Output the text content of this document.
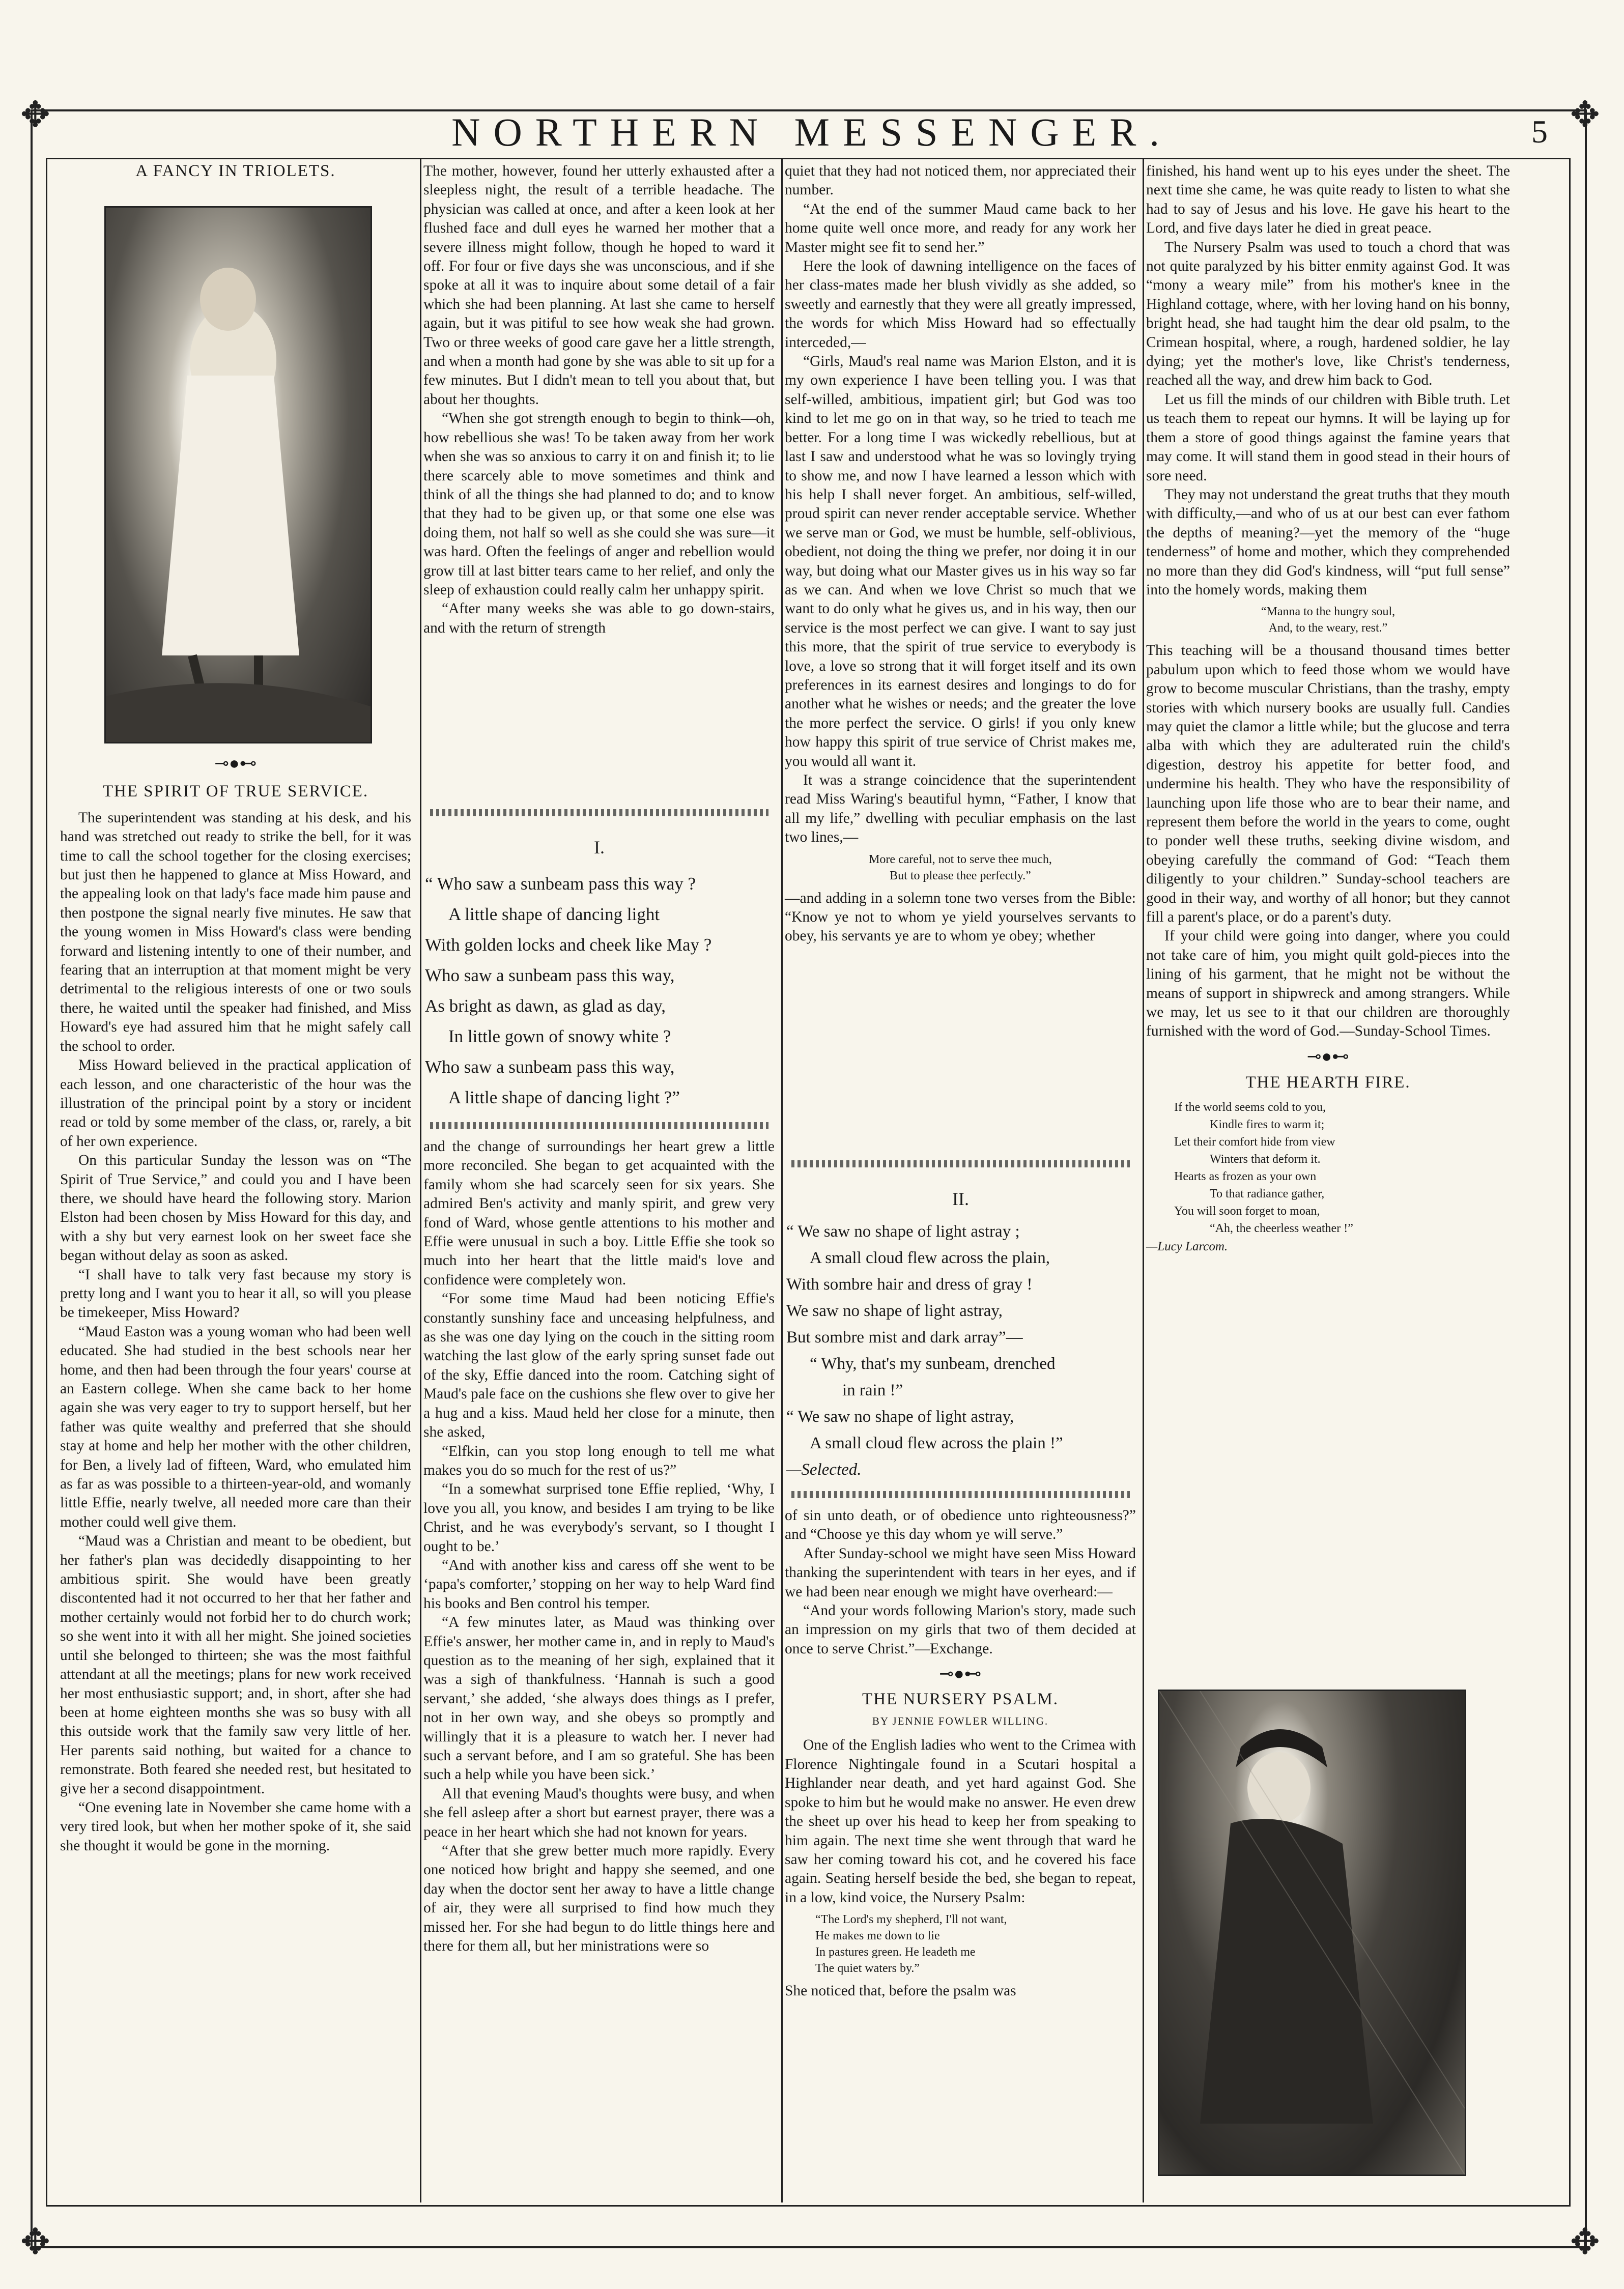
✥	✥
✥	✥
NORTHERN MESSENGER.	5
A FANCY IN TRIOLETS.
⊸●⊷
THE SPIRIT OF TRUE SERVICE.

The superintendent was standing at his desk, and his hand was stretched out ready to strike the bell, for it was time to call the school together for the closing exercises; but just then he happened to glance at Miss Howard, and the appealing look on that lady's face made him pause and then postpone the signal nearly five minutes. He saw that the young women in Miss Howard's class were bending forward and listening intently to one of their number, and fearing that an interruption at that moment might be very detrimental to the religious interests of one or two souls there, he waited until the speaker had finished, and Miss Howard's eye had assured him that he might safely call the school to order.

Miss Howard believed in the practical application of each lesson, and one characteristic of the hour was the illustration of the principal point by a story or incident read or told by some member of the class, or, rarely, a bit of her own experience.

On this particular Sunday the lesson was on “The Spirit of True Service,” and could you and I have been there, we should have heard the following story. Marion Elston had been chosen by Miss Howard for this day, and with a shy but very earnest look on her sweet face she began without delay as soon as asked.

“I shall have to talk very fast because my story is pretty long and I want you to hear it all, so will you please be timekeeper, Miss Howard?

“Maud Easton was a young woman who had been well educated. She had studied in the best schools near her home, and then had been through the four years' course at an Eastern college. When she came back to her home again she was very eager to try to support herself, but her father was quite wealthy and preferred that she should stay at home and help her mother with the other children, for Ben, a lively lad of fifteen, Ward, who emulated him as far as was possible to a thirteen-year-old, and womanly little Effie, nearly twelve, all needed more care than their mother could well give them.

“Maud was a Christian and meant to be obedient, but her father's plan was decidedly disappointing to her ambitious spirit. She would have been greatly discontented had it not occurred to her that her father and mother certainly would not forbid her to do church work; so she went into it with all her might. She joined societies until she belonged to thirteen; she was the most faithful attendant at all the meetings; plans for new work received her most enthusiastic support; and, in short, after she had been at home eighteen months she was so busy with all this outside work that the family saw very little of her. Her parents said nothing, but waited for a chance to remonstrate. Both feared she needed rest, but hesitated to give her a second disappointment.

“One evening late in November she came home with a very tired look, but when her mother spoke of it, she said she thought it would be gone in the morning.

The mother, however, found her utterly exhausted after a sleepless night, the result of a terrible headache. The physician was called at once, and after a keen look at her flushed face and dull eyes he warned her mother that a severe illness might follow, though he hoped to ward it off. For four or five days she was unconscious, and if she spoke at all it was to inquire about some detail of a fair which she had been planning. At last she came to herself again, but it was pitiful to see how weak she had grown. Two or three weeks of good care gave her a little strength, and when a month had gone by she was able to sit up for a few minutes. But I didn't mean to tell you about that, but about her thoughts.

“When she got strength enough to begin to think—oh, how rebellious she was! To be taken away from her work when she was so anxious to carry it on and finish it; to lie there scarcely able to move sometimes and think and think of all the things she had planned to do; and to know that they had to be given up, or that some one else was doing them, not half so well as she could she was sure—it was hard. Often the feelings of anger and rebellion would grow till at last bitter tears came to her relief, and only the sleep of exhaustion could really calm her unhappy spirit.

“After many weeks she was able to go down-stairs, and with the return of strength

I.
“ Who saw a sunbeam pass this way ?
A little shape of dancing light
With golden locks and cheek like May ?
Who saw a sunbeam pass this way,
As bright as dawn, as glad as day,
In little gown of snowy white ?
Who saw a sunbeam pass this way,
A little shape of dancing light ?”

and the change of surroundings her heart grew a little more reconciled. She began to get acquainted with the family whom she had scarcely seen for six years. She admired Ben's activity and manly spirit, and grew very fond of Ward, whose gentle attentions to his mother and Effie were unusual in such a boy. Little Effie she took so much into her heart that the little maid's love and confidence were completely won.

“For some time Maud had been noticing Effie's constantly sunshiny face and unceasing helpfulness, and as she was one day lying on the couch in the sitting room watching the last glow of the early spring sunset fade out of the sky, Effie danced into the room. Catching sight of Maud's pale face on the cushions she flew over to give her a hug and a kiss. Maud held her close for a minute, then she asked,

“Elfkin, can you stop long enough to tell me what makes you do so much for the rest of us?”

“In a somewhat surprised tone Effie replied, ‘Why, I love you all, you know, and besides I am trying to be like Christ, and he was everybody's servant, so I thought I ought to be.’

“And with another kiss and caress off she went to be ‘papa's comforter,’ stopping on her way to help Ward find his books and Ben control his temper.

“A few minutes later, as Maud was thinking over Effie's answer, her mother came in, and in reply to Maud's question as to the meaning of her sigh, explained that it was a sigh of thankfulness. ‘Hannah is such a good servant,’ she added, ‘she always does things as I prefer, not in her own way, and she obeys so promptly and willingly that it is a pleasure to watch her. I never had such a servant before, and I am so grateful. She has been such a help while you have been sick.’

All that evening Maud's thoughts were busy, and when she fell asleep after a short but earnest prayer, there was a peace in her heart which she had not known for years.

“After that she grew better much more rapidly. Every one noticed how bright and happy she seemed, and one day when the doctor sent her away to have a little change of air, they were all surprised to find how much they missed her. For she had begun to do little things here and there for them all, but her ministrations were so

quiet that they had not noticed them, nor appreciated their number.

“At the end of the summer Maud came back to her home quite well once more, and ready for any work her Master might see fit to send her.”

Here the look of dawning intelligence on the faces of her class-mates made her blush vividly as she added, so sweetly and earnestly that they were all greatly impressed, the words for which Miss Howard had so effectually interceded,—

“Girls, Maud's real name was Marion Elston, and it is my own experience I have been telling you. I was that self-willed, ambitious, impatient girl; but God was too kind to let me go on in that way, so he tried to teach me better. For a long time I was wickedly rebellious, but at last I saw and understood what he was so lovingly trying to show me, and now I have learned a lesson which with his help I shall never forget. An ambitious, self-willed, proud spirit can never render acceptable service. Whether we serve man or God, we must be humble, self-oblivious, obedient, not doing the thing we prefer, nor doing it in our way, but doing what our Master gives us in his way so far as we can. And when we love Christ so much that we want to do only what he gives us, and in his way, then our service is the most perfect we can give. I want to say just this more, that the spirit of true service to everybody is love, a love so strong that it will forget itself and its own preferences in its earnest desires and longings to do for another what he wishes or needs; and the greater the love the more perfect the service. O girls! if you only knew how happy this spirit of true service of Christ makes me, you would all want it.

It was a strange coincidence that the superintendent read Miss Waring's beautiful hymn, “Father, I know that all my life,” dwelling with peculiar emphasis on the last two lines,—

More careful, not to serve thee much,
But to please thee perfectly.”

—and adding in a solemn tone two verses from the Bible: “Know ye not to whom ye yield yourselves servants to obey, his servants ye are to whom ye obey; whether

II.
“ We saw no shape of light astray ;
A small cloud flew across the plain,
With sombre hair and dress of gray !
We saw no shape of light astray,
But sombre mist and dark array”—
“ Why, that's my sunbeam, drenched
in rain !”
“ We saw no shape of light astray,
A small cloud flew across the plain !”
—Selected.

of sin unto death, or of obedience unto righteousness?” and “Choose ye this day whom ye will serve.”

After Sunday-school we might have seen Miss Howard thanking the superintendent with tears in her eyes, and if we had been near enough we might have overheard:—

“And your words following Marion's story, made such an impression on my girls that two of them decided at once to serve Christ.”—Exchange.

⊸●⊷
THE NURSERY PSALM.
BY JENNIE FOWLER WILLING.

One of the English ladies who went to the Crimea with Florence Nightingale found in a Scutari hospital a Highlander near death, and yet hard against God. She spoke to him but he would make no answer. He even drew the sheet up over his head to keep her from speaking to him again. The next time she went through that ward he saw her coming toward his cot, and he covered his face again. Seating herself beside the bed, she began to repeat, in a low, kind voice, the Nursery Psalm:

“The Lord's my shepherd, I'll not want,
He makes me down to lie
In pastures green. He leadeth me
The quiet waters by.”

She noticed that, before the psalm was

finished, his hand went up to his eyes under the sheet. The next time she came, he was quite ready to listen to what she had to say of Jesus and his love. He gave his heart to the Lord, and five days later he died in great peace.

The Nursery Psalm was used to touch a chord that was not quite paralyzed by his bitter enmity against God. It was “mony a weary mile” from his mother's knee in the Highland cottage, where, with her loving hand on his bonny, bright head, she had taught him the dear old psalm, to the Crimean hospital, where, a rough, hardened soldier, he lay dying; yet the mother's love, like Christ's tenderness, reached all the way, and drew him back to God.

Let us fill the minds of our children with Bible truth. Let us teach them to repeat our hymns. It will be laying up for them a store of good things against the famine years that may come. It will stand them in good stead in their hours of sore need.

They may not understand the great truths that they mouth with difficulty,—and who of us at our best can ever fathom the depths of meaning?—yet the memory of the “huge tenderness” of home and mother, which they comprehended no more than they did God's kindness, will “put full sense” into the homely words, making them

“Manna to the hungry soul,
And, to the weary, rest.”

This teaching will be a thousand thousand times better pabulum upon which to feed those whom we would have grow to become muscular Christians, than the trashy, empty stories with which nursery books are usually full. Candies may quiet the clamor a little while; but the glucose and terra alba with which they are adulterated ruin the child's digestion, destroy his appetite for better food, and undermine his health. They who have the responsibility of launching upon life those who are to bear their name, and represent them before the world in the years to come, ought to ponder well these truths, seeking divine wisdom, and obeying carefully the command of God: “Teach them diligently to your children.” Sunday-school teachers are good in their way, and worthy of all honor; but they cannot fill a parent's place, or do a parent's duty.

If your child were going into danger, where you could not take care of him, you might quilt gold-pieces into the lining of his garment, that he might not be without the means of support in shipwreck and among strangers. While we may, let us see to it that our children are thoroughly furnished with the word of God.—Sunday-School Times.

⊸●⊷
THE HEARTH FIRE.
If the world seems cold to you,
Kindle fires to warm it;
Let their comfort hide from view
Winters that deform it.
Hearts as frozen as your own
To that radiance gather,
You will soon forget to moan,
“Ah, the cheerless weather !”
—Lucy Larcom.
